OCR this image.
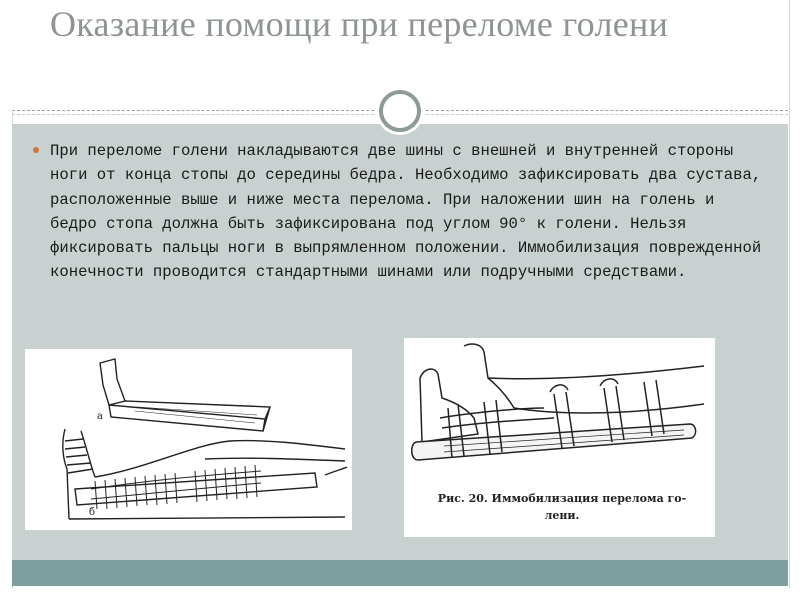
Оказание помощи при переломе голени

При переломе голени накладываются две шины с внешней и внутренней стороны ноги от конца стопы до середины бедра. Необходимо зафиксировать два сустава, расположенные выше и ниже места перелома. При наложении шин на голень и бедро стопа должна быть зафиксирована под углом 90° к голени. Нельзя фиксировать пальцы ноги в выпрямленном положении. Иммобилизация поврежденной конечности проводится стандартными шинами или подручными средствами.

а
б
Рис. 20. Иммобилизация перелома го-
лени.
